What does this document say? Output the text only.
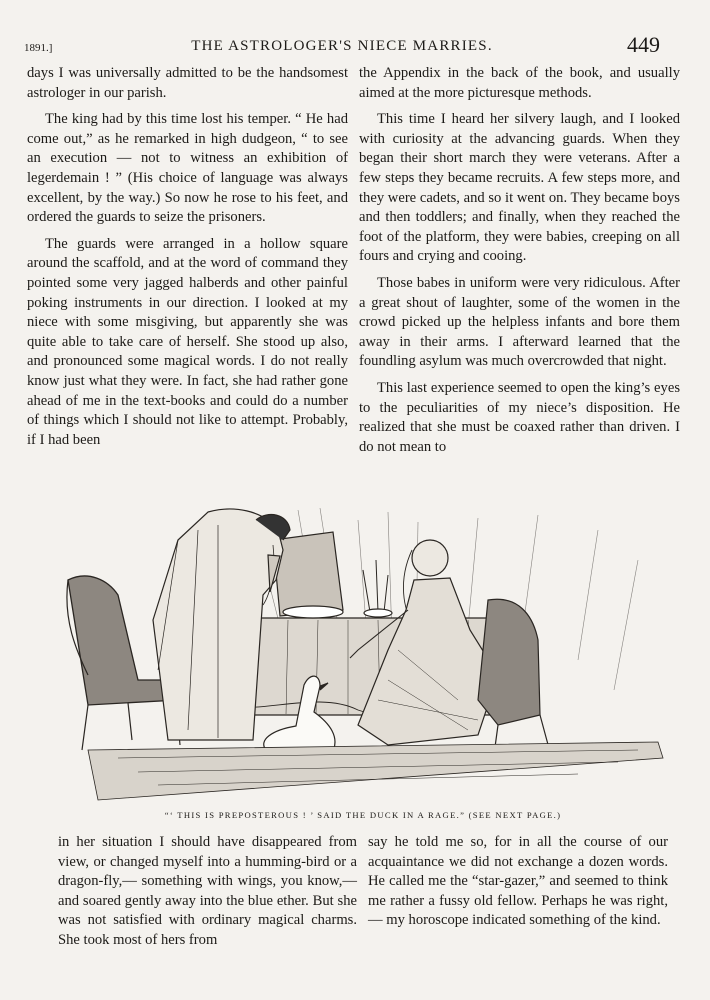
1891.]	THE ASTROLOGER'S NIECE MARRIES.	449

days I was universally admitted to be the handsomest astrologer in our parish.

The king had by this time lost his temper. “ He had come out,” as he remarked in high dudgeon, “ to see an execution — not to witness an exhibition of legerdemain ! ” (His choice of language was always excellent, by the way.) So now he rose to his feet, and ordered the guards to seize the prisoners.

The guards were arranged in a hollow square around the scaffold, and at the word of command they pointed some very jagged halberds and other painful poking instruments in our direction. I looked at my niece with some misgiving, but apparently she was quite able to take care of herself. She stood up also, and pronounced some magical words. I do not really know just what they were. In fact, she had rather gone ahead of me in the text-books and could do a number of things which I should not like to attempt. Probably, if I had been

the Appendix in the back of the book, and usually aimed at the more picturesque methods.

This time I heard her silvery laugh, and I looked with curiosity at the advancing guards. When they began their short march they were veterans. After a few steps they became recruits. A few steps more, and they were cadets, and so it went on. They became boys and then toddlers; and finally, when they reached the foot of the platform, they were babies, creeping on all fours and crying and cooing.

Those babes in uniform were very ridiculous. After a great shout of laughter, some of the women in the crowd picked up the helpless infants and bore them away in their arms. I afterward learned that the foundling asylum was much overcrowded that night.

This last experience seemed to open the king’s eyes to the peculiarities of my niece’s disposition. He realized that she must be coaxed rather than driven. I do not mean to

“‘ THIS IS PREPOSTEROUS ! ’ SAID THE DUCK IN A RAGE.” (SEE NEXT PAGE.)

in her situation I should have disappeared from view, or changed myself into a humming-bird or a dragon-fly,— something with wings, you know,— and soared gently away into the blue ether. But she was not satisfied with ordinary magical charms. She took most of hers from

say he told me so, for in all the course of our acquaintance we did not exchange a dozen words. He called me the “star-gazer,” and seemed to think me rather a fussy old fellow. Perhaps he was right,— my horoscope indicated something of the kind.
